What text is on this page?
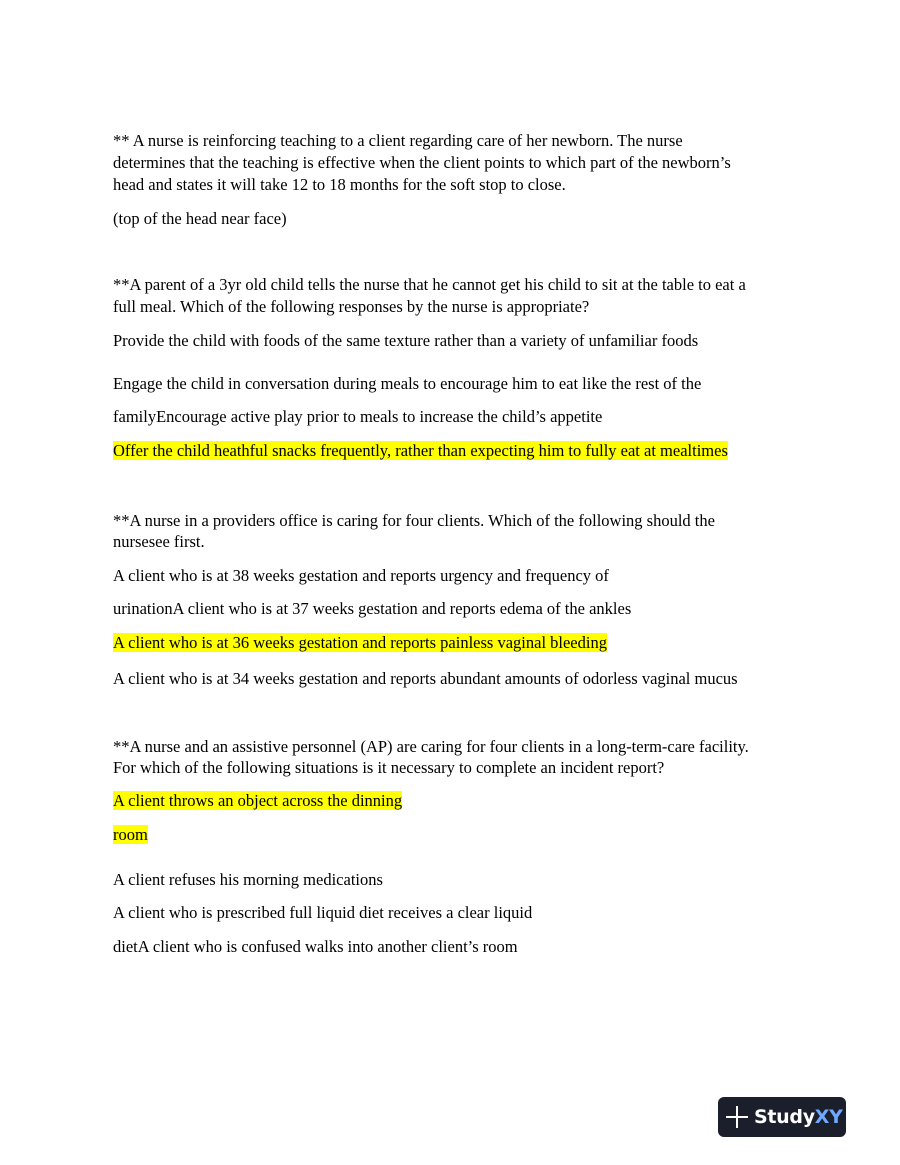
** A nurse is reinforcing teaching to a client regarding care of her newborn. The nurse
determines that the teaching is effective when the client points to which part of the newborn’s
head and states it will take 12 to 18 months for the soft stop to close.
(top of the head near face)
**A parent of a 3yr old child tells the nurse that he cannot get his child to sit at the table to eat a
full meal. Which of the following responses by the nurse is appropriate?
Provide the child with foods of the same texture rather than a variety of unfamiliar foods
Engage the child in conversation during meals to encourage him to eat like the rest of the
familyEncourage active play prior to meals to increase the child’s appetite
Offer the child heathful snacks frequently, rather than expecting him to fully eat at mealtimes
**A nurse in a providers office is caring for four clients. Which of the following should the
nursesee first.
A client who is at 38 weeks gestation and reports urgency and frequency of
urinationA client who is at 37 weeks gestation and reports edema of the ankles
A client who is at 36 weeks gestation and reports painless vaginal bleeding
A client who is at 34 weeks gestation and reports abundant amounts of odorless vaginal mucus
**A nurse and an assistive personnel (AP) are caring for four clients in a long-term-care facility.
For which of the following situations is it necessary to complete an incident report?
A client throws an object across the dinning
room
A client refuses his morning medications
A client who is prescribed full liquid diet receives a clear liquid
dietA client who is confused walks into another client’s room
StudyXY
